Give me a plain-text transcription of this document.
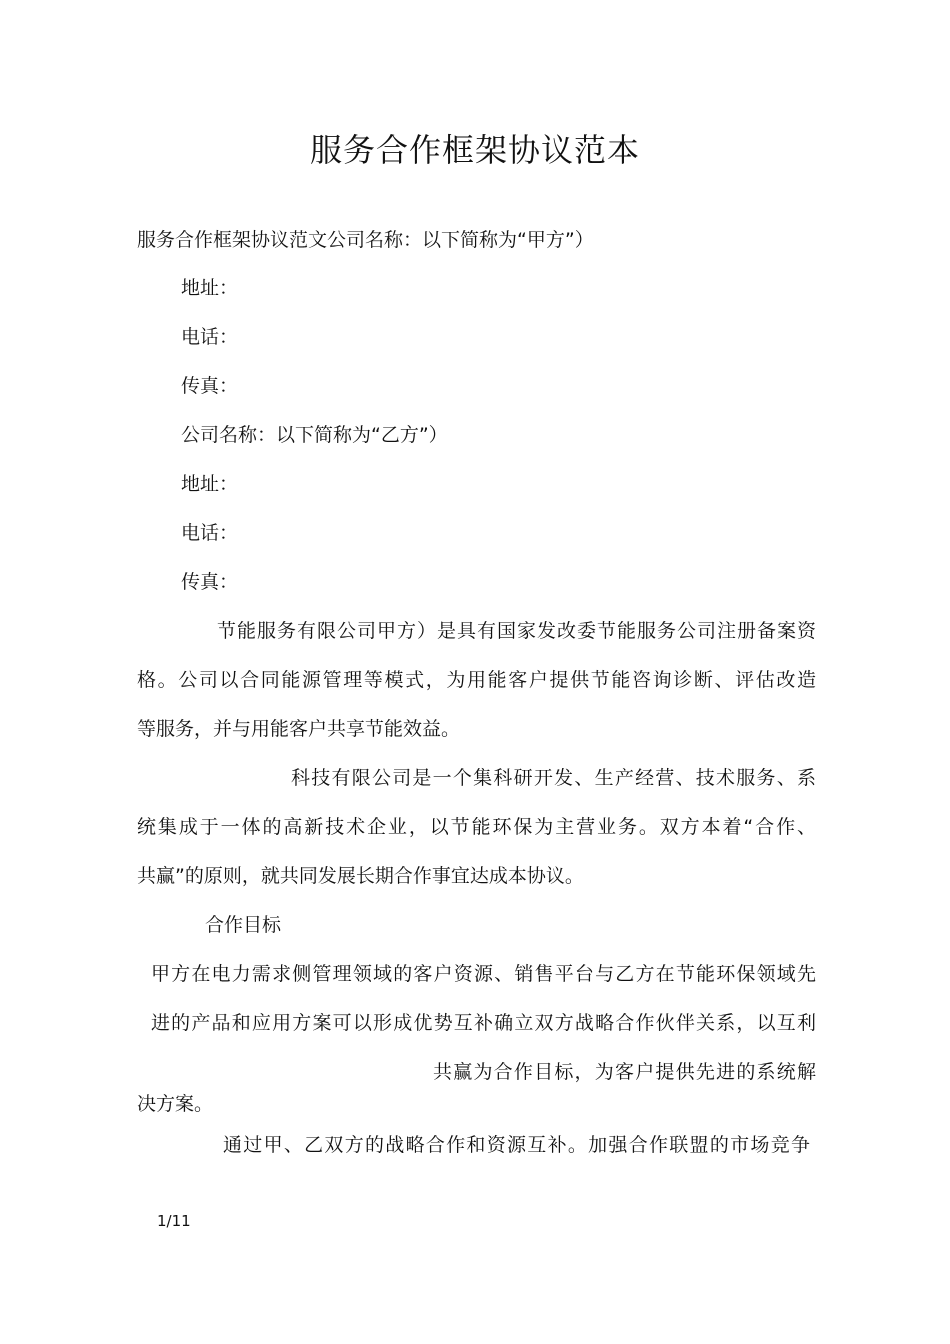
服务合作框架协议范本
服务合作框架协议范文公司名称：以下简称为“甲方”）
地址：
电话：
传真：
公司名称：以下简称为“乙方”）
地址：
电话：
传真：
节能服务有限公司甲方）是具有国家发改委节能服务公司注册备案资
格。公司以合同能源管理等模式，为用能客户提供节能咨询诊断、评估改造
等服务，并与用能客户共享节能效益。
科技有限公司是一个集科研开发、生产经营、技术服务、系
统集成于一体的高新技术企业，以节能环保为主营业务。双方本着“合作、
共赢”的原则，就共同发展长期合作事宜达成本协议。
合作目标
甲方在电力需求侧管理领域的客户资源、销售平台与乙方在节能环保领域先
进的产品和应用方案可以形成优势互补确立双方战略合作伙伴关系，以互利
共赢为合作目标，为客户提供先进的系统解
决方案。
通过甲、乙双方的战略合作和资源互补。加强合作联盟的市场竞争
1/11
